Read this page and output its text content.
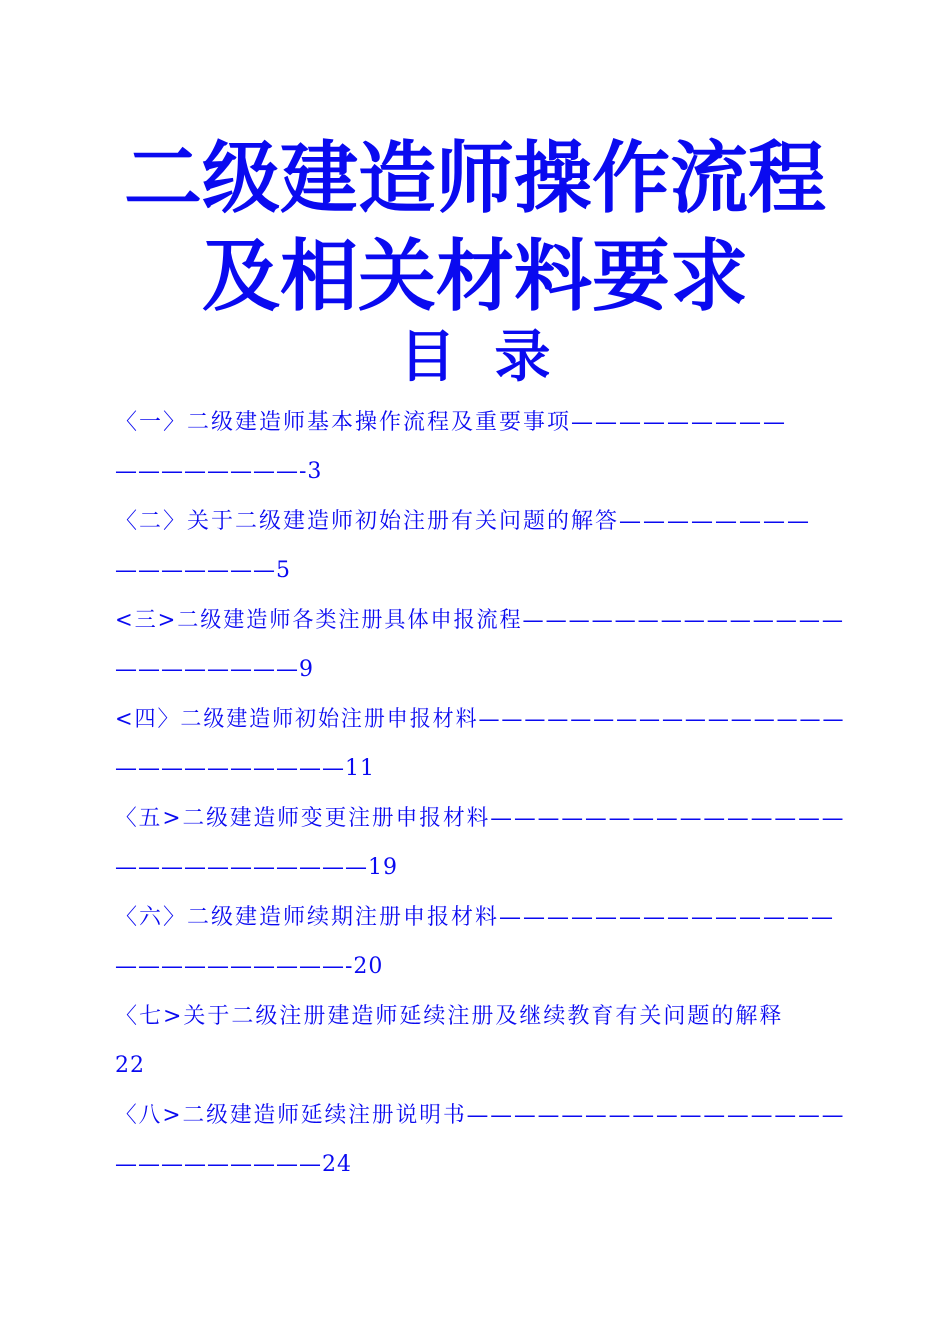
二级建造师操作流程
及相关材料要求
目  录
〈一〉二级建造师基本操作流程及重要事项—————————
————————-3
〈二〉关于二级建造师初始注册有关问题的解答————————
———————5
<三>二级建造师各类注册具体申报流程——————————————
————————9
<四〉二级建造师初始注册申报材料————————————————
——————————11
〈五>二级建造师变更注册申报材料———————————————
———————————19
〈六〉二级建造师续期注册申报材料——————————————
——————————-20
〈七>关于二级注册建造师延续注册及继续教育有关问题的解释
22
〈八>二级建造师延续注册说明书————————————————
—————————24
